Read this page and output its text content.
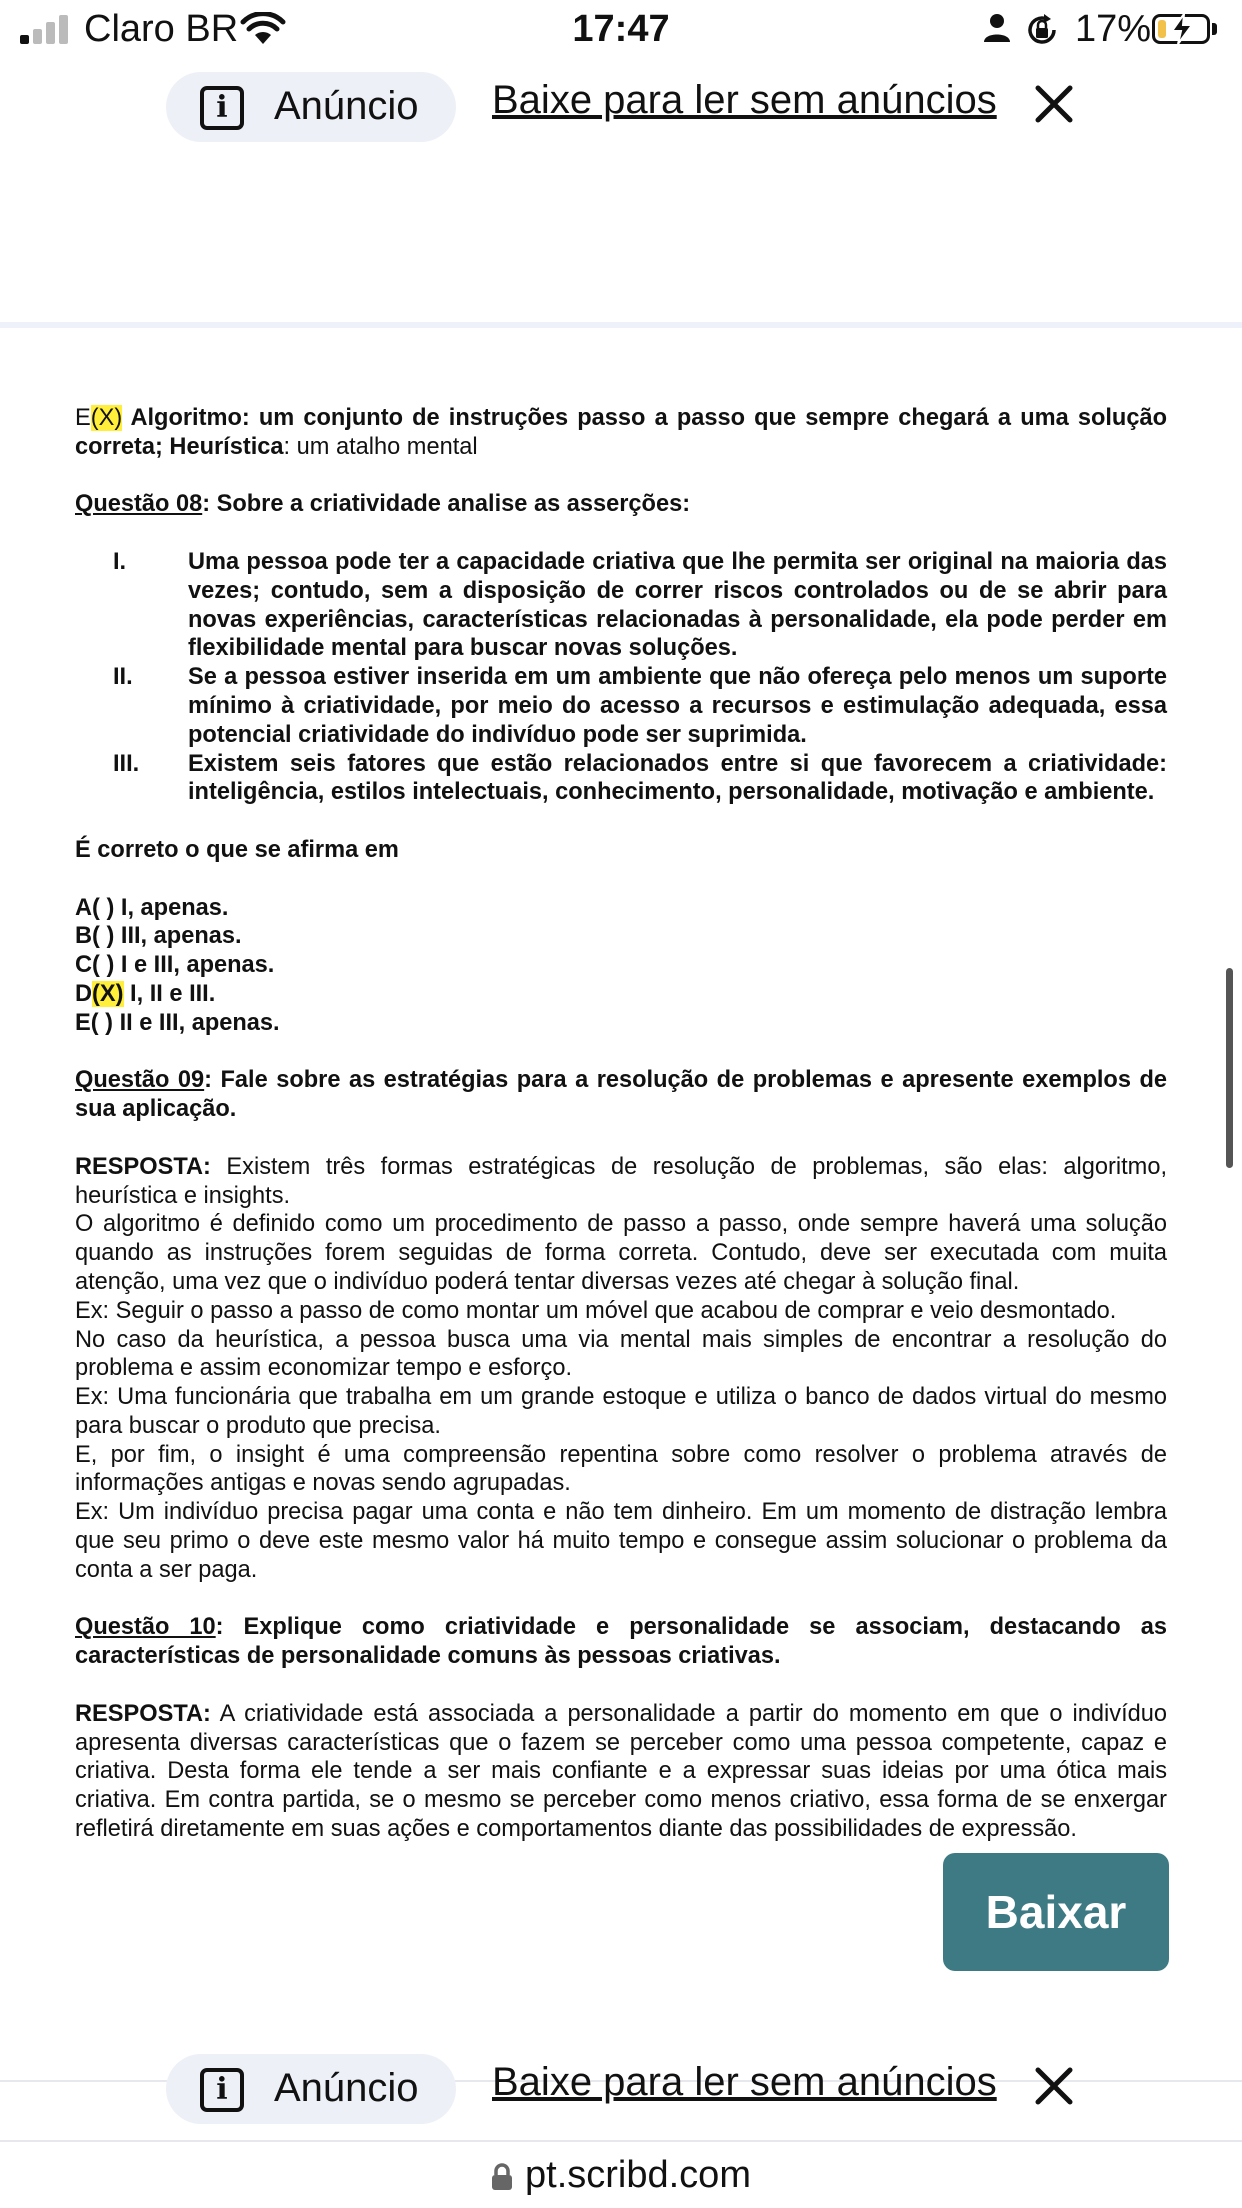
Claro BR	17:47	17%
i	Anúncio Baixe para ler sem anúncios

E(X) Algoritmo: um conjunto de instruções passo a passo que sempre chegará a uma solução correta; Heurística: um atalho mental

Questão 08: Sobre a criatividade analise as asserções:

I.	Uma pessoa pode ter a capacidade criativa que lhe permita ser original na maioria das vezes; contudo, sem a disposição de correr riscos controlados ou de se abrir para novas experiências, características relacionadas à personalidade, ela pode perder em flexibilidade mental para buscar novas soluções.
II. Se a pessoa estiver inserida em um ambiente que não ofereça pelo menos um suporte mínimo à criatividade, por meio do acesso a recursos e estimulação adequada, essa potencial criatividade do indivíduo pode ser suprimida.
III. Existem seis fatores que estão relacionados entre si que favorecem a criatividade: inteligência, estilos intelectuais, conhecimento, personalidade, motivação e ambiente.

É correto o que se afirma em

A( ) I, apenas.
B( ) III, apenas.
C( ) I e III, apenas.
D(X) I, II e III.
E( ) II e III, apenas.

Questão 09: Fale sobre as estratégias para a resolução de problemas e apresente exemplos de sua aplicação.

RESPOSTA: Existem três formas estratégicas de resolução de problemas, são elas: algoritmo, heurística e insights.

O algoritmo é definido como um procedimento de passo a passo, onde sempre haverá uma solução quando as instruções forem seguidas de forma correta. Contudo, deve ser executada com muita atenção, uma vez que o indivíduo poderá tentar diversas vezes até chegar à solução final.

Ex: Seguir o passo a passo de como montar um móvel que acabou de comprar e veio desmontado.

No caso da heurística, a pessoa busca uma via mental mais simples de encontrar a resolução do problema e assim economizar tempo e esforço.

Ex: Uma funcionária que trabalha em um grande estoque e utiliza o banco de dados virtual do mesmo para buscar o produto que precisa.

E, por fim, o insight é uma compreensão repentina sobre como resolver o problema através de informações antigas e novas sendo agrupadas.

Ex: Um indivíduo precisa pagar uma conta e não tem dinheiro. Em um momento de distração lembra que seu primo o deve este mesmo valor há muito tempo e consegue assim solucionar o problema da conta a ser paga.

Questão 10: Explique como criatividade e personalidade se associam, destacando as características de personalidade comuns às pessoas criativas.

RESPOSTA: A criatividade está associada a personalidade a partir do momento em que o indivíduo apresenta diversas características que o fazem se perceber como uma pessoa competente, capaz e criativa. Desta forma ele tende a ser mais confiante e a expressar suas ideias por uma ótica mais criativa. Em contra partida, se o mesmo se perceber como menos criativo, essa forma de se enxergar refletirá diretamente em suas ações e comportamentos diante das possibilidades de expressão.

Baixar
i	Anúncio Baixe para ler sem anúncios
pt.scribd.com
